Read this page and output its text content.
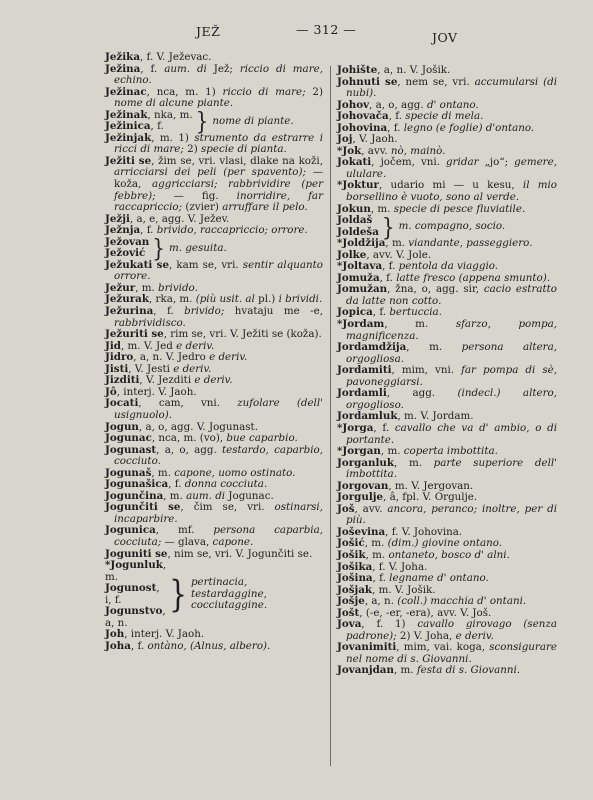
JEŽ	— 312 —
JOV
Ježika, f. V. Ježevac.
Ježina, f. aum. di Jež; riccio di mare, echino.
Ježinac, nca, m. 1) riccio di mare; 2) nome di alcune piante.
Ježinak, nka, m.
Ježinica, f.	} nome di piante.
Ježinjak, m. 1) strumento da estrarre i ricci di mare; 2) specie di pianta.
Ježiti se, žim se, vri. vlasi, dlake na koži, arricciarsi dei peli (per spavento); — koža, aggricciarsi; rabbrividire (per febbre); — fig. inorridire, far raccapriccio; (zvier) arruffare il pelo.
Ježji, a, e, agg. V. Ježev.
Ježnja, f. brivido, raccapriccio; orrore.
Ježovan
Ježović } m. gesuita.
Ježukati se, kam se, vri. sentir alquanto orrore.
Ježur, m. brivido.
Ježurak, rka, m. (più usit. al pl.) i brividi.
Ježurina, f. brivido; hvataju me -e, rabbrividisco.
Ježuriti se, rim se, vri. V. Ježiti se (koža).
Jid, m. V. Jed e deriv.
Jidro, a, n. V. Jedro e deriv.
Jisti, V. Jesti e deriv.
Jizditi, V. Jezditi e deriv.
Jô, interj. V. Jaoh.
Jocati, cam, vni. zufolare (dell' usignuolo).
Jogun, a, o, agg. V. Jogunast.
Jogunac, nca, m. (vo), bue caparbio.
Jogunast, a, o, agg. testardo, caparbio, cocciuto.
Jogunaš, m. capone, uomo ostinato.
Jogunašica, f. donna cocciuta.
Jogunčina, m. aum. di Jogunac.
Jogunčiti se, čim se, vri. ostinarsi, incaparbire.
Jogunica, mf. persona caparbia, cocciuta; — glava, capone.
Joguniti se, nim se, vri. V. Jogunčiti se.
*Jogunluk, m.
Jogunost, i, f.
Jogunstvo, a, n.
} pertinacia, testardaggine, cocciutaggine.
Joh, interj. V. Jaoh.
Joha, f. ontàno, (Alnus, albero).
Johište, a, n. V. Jošik.
Johnuti se, nem se, vri. accumularsi (di nubi).
Johov, a, o, agg. d' ontano.
Johovača, f. specie di mela.
Johovina, f. legno (e foglie) d'ontano.
Joj, V. Jaoh.
*Jok, avv. nò, mainò.
Jokati, jočem, vni. gridar „jo“; gemere, ululare.
*Joktur, udario mi — u kesu, il mio borsellino è vuoto, sono al verde.
Jokun, m. specie di pesce fluviatile.
Joldaš
Joldeša } m. compagno, socio.
*Joldžija, m. viandante, passeggiero.
Jolke, avv. V. Jole.
*Joltava, f. pentola da viaggio.
Jomuža, f. latte fresco (appena smunto).
Jomužan, žna, o, agg. sir, cacio estratto da latte non cotto.
Jopica, f. bertuccia.
*Jordam, m. sfarzo, pompa, magnificenza.
Jordamdžija, m. persona altera, orgogliosa.
Jordamiti, mim, vni. far pompa di sè, pavoneggiarsi.
Jordamli, agg. (indecl.) altero, orgoglioso.
Jordamluk, m. V. Jordam.
*Jorga, f. cavallo che va d' ambio, o di portante.
*Jorgan, m. coperta imbottita.
Jorganluk, m. parte superiore dell' imbottita.
Jorgovan, m. V. Jergovan.
Jorgulje, â, fpl. V. Orgulje.
Još, avv. ancora, peranco; inoltre, per di più.
Joševina, f. V. Johovina.
Jošić, m. (dim.) giovine ontano.
Jošik, m. ontaneto, bosco d' alni.
Jošika, f. V. Joha.
Jošina, f. legname d' ontano.
Jošjak, m. V. Jošik.
Jošje, a, n. (coll.) macchia d' ontani.
Jošt, (-e, -er, -era), avv. V. Još.
Jova, f. 1) cavallo girovago (senza padrone); 2) V. Joha, e deriv.
Jovanimiti, mim, vai. koga, sconsigurare nel nome di s. Giovanni.
Jovanjdan, m. festa di s. Giovanni.
